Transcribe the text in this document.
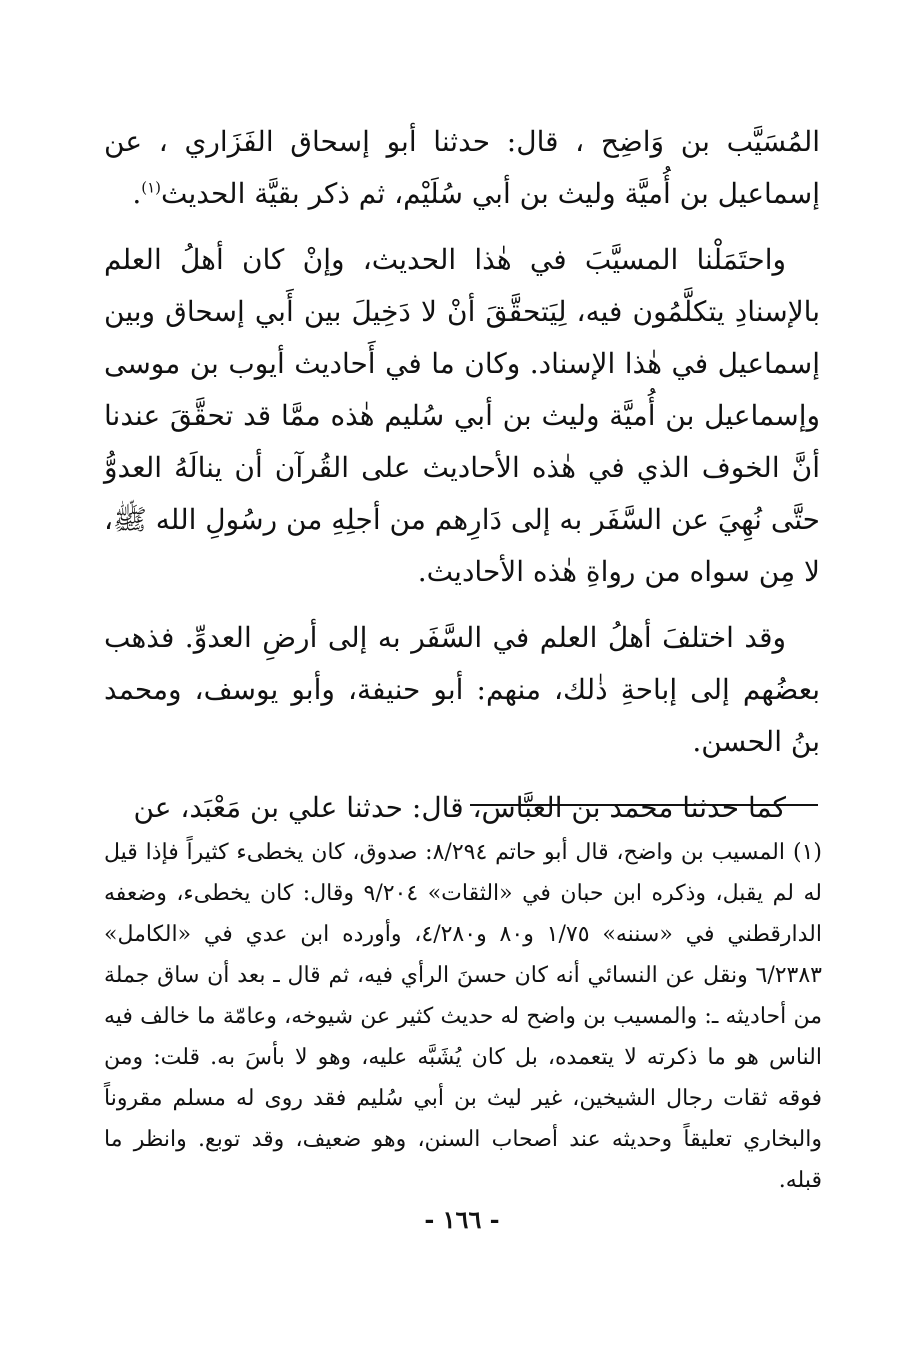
المُسَيَّب بن وَاضِح ، قال: حدثنا أبو إسحاق الفَزَاري ، عن إسماعيل بن أُميَّة وليث بن أبي سُلَيْم، ثم ذكر بقيَّة الحديث$^{(١)}$.

واحتَمَلْنا المسيَّبَ في هٰذا الحديث، وإنْ كان أهلُ العلم بالإسنادِ يتكلَّمُون فيه، لِيَتحقَّقَ أنْ لا دَخِيلَ بين أَبي إسحاق وبين إسماعيل في هٰذا الإسناد. وكان ما في أَحاديث أيوب بن موسى وإسماعيل بن أُميَّة وليث بن أبي سُليم هٰذه ممَّا قد تحقَّقَ عندنا أنَّ الخوف الذي في هٰذه الأحاديث على القُرآن أن ينالَهُ العدوُّ حتَّى نُهِيَ عن السَّفَر به إلى دَارِهم من أجلِهِ من رسُولِ الله ﷺ، لا مِن سواه من رواةِ هٰذه الأحاديث.

وقد اختلفَ أهلُ العلم في السَّفَر به إلى أرضِ العدوِّ. فذهب بعضُهم إلى إباحةِ ذٰلك، منهم: أبو حنيفة، وأبو يوسف، ومحمد بنُ الحسن.

كما حدثنا محمد بن العبَّاس، قال: حدثنا علي بن مَعْبَد، عن

(١)المسيب بن واضح، قال أبو حاتم ٨/٢٩٤: صدوق، كان يخطىء كثيراً فإذا قيل له لم يقبل، وذكره ابن حبان في «الثقات» ٩/٢٠٤ وقال: كان يخطىء، وضعفه الدارقطني في «سننه» ١/٧٥ و٨٠ و٤/٢٨٠، وأورده ابن عدي في «الكامل» ٦/٢٣٨٣ ونقل عن النسائي أنه كان حسنَ الرأي فيه، ثم قال ـ بعد أن ساق جملة من أحاديثه ـ: والمسيب بن واضح له حديث كثير عن شيوخه، وعامّة ما خالف فيه الناس هو ما ذكرته لا يتعمده، بل كان يُشَبَّه عليه، وهو لا بأسَ به. قلت: ومن فوقه ثقات رجال الشيخين، غير ليث بن أبي سُليم فقد روى له مسلم مقروناً والبخاري تعليقاً وحديثه عند أصحاب السنن، وهو ضعيف، وقد توبع. وانظر ما قبله.
- ١٦٦ -
